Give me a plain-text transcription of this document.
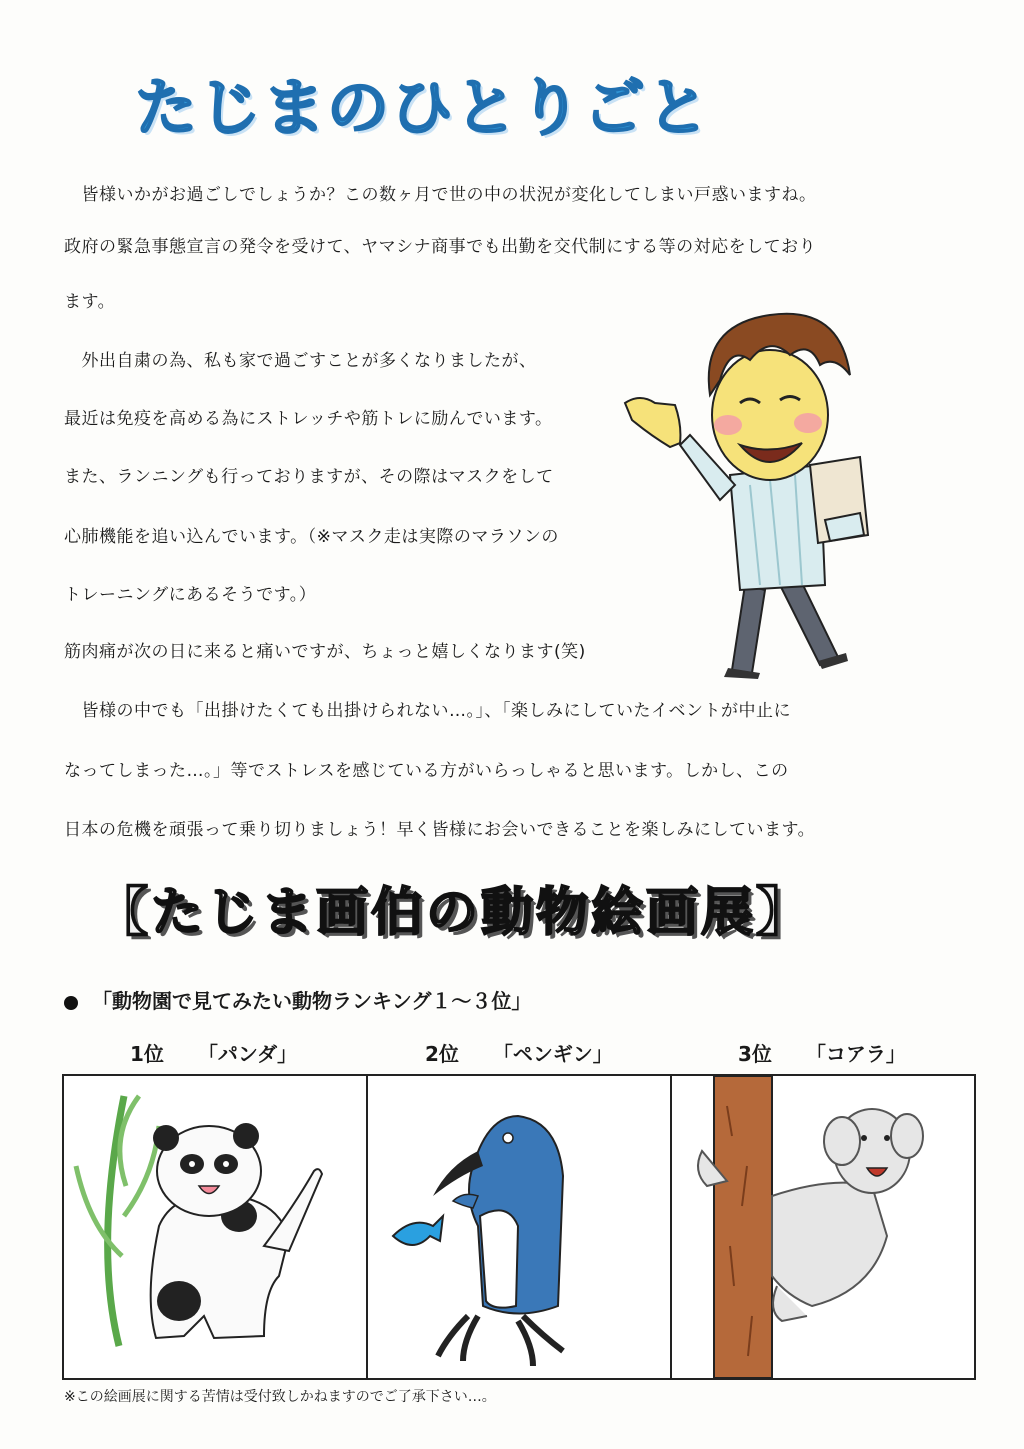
たじまのひとりごと
　皆様いかがお過ごしでしょうか？この数ヶ月で世の中の状況が変化してしまい戸惑いますね。
政府の緊急事態宣言の発令を受けて、ヤマシナ商事でも出勤を交代制にする等の対応をしており
ます。
　外出自粛の為、私も家で過ごすことが多くなりましたが、
最近は免疫を高める為にストレッチや筋トレに励んでいます。
また、ランニングも行っておりますが、その際はマスクをして
心肺機能を追い込んでいます。（※マスク走は実際のマラソンの
トレーニングにあるそうです。）
筋肉痛が次の日に来ると痛いですが、ちょっと嬉しくなります(笑)
　皆様の中でも「出掛けたくても出掛けられない…。」、「楽しみにしていたイベントが中止に
なってしまった…。」等でストレスを感じている方がいらっしゃると思います。しかし、この
日本の危機を頑張って乗り切りましょう！早く皆様にお会いできることを楽しみにしています。
【たじま画伯の動物絵画展】
「動物園で見てみたい動物ランキング１～３位」
1位 「パンダ」	2位 「ペンギン」	3位 「コアラ」
※この絵画展に関する苦情は受付致しかねますのでご了承下さい…。
